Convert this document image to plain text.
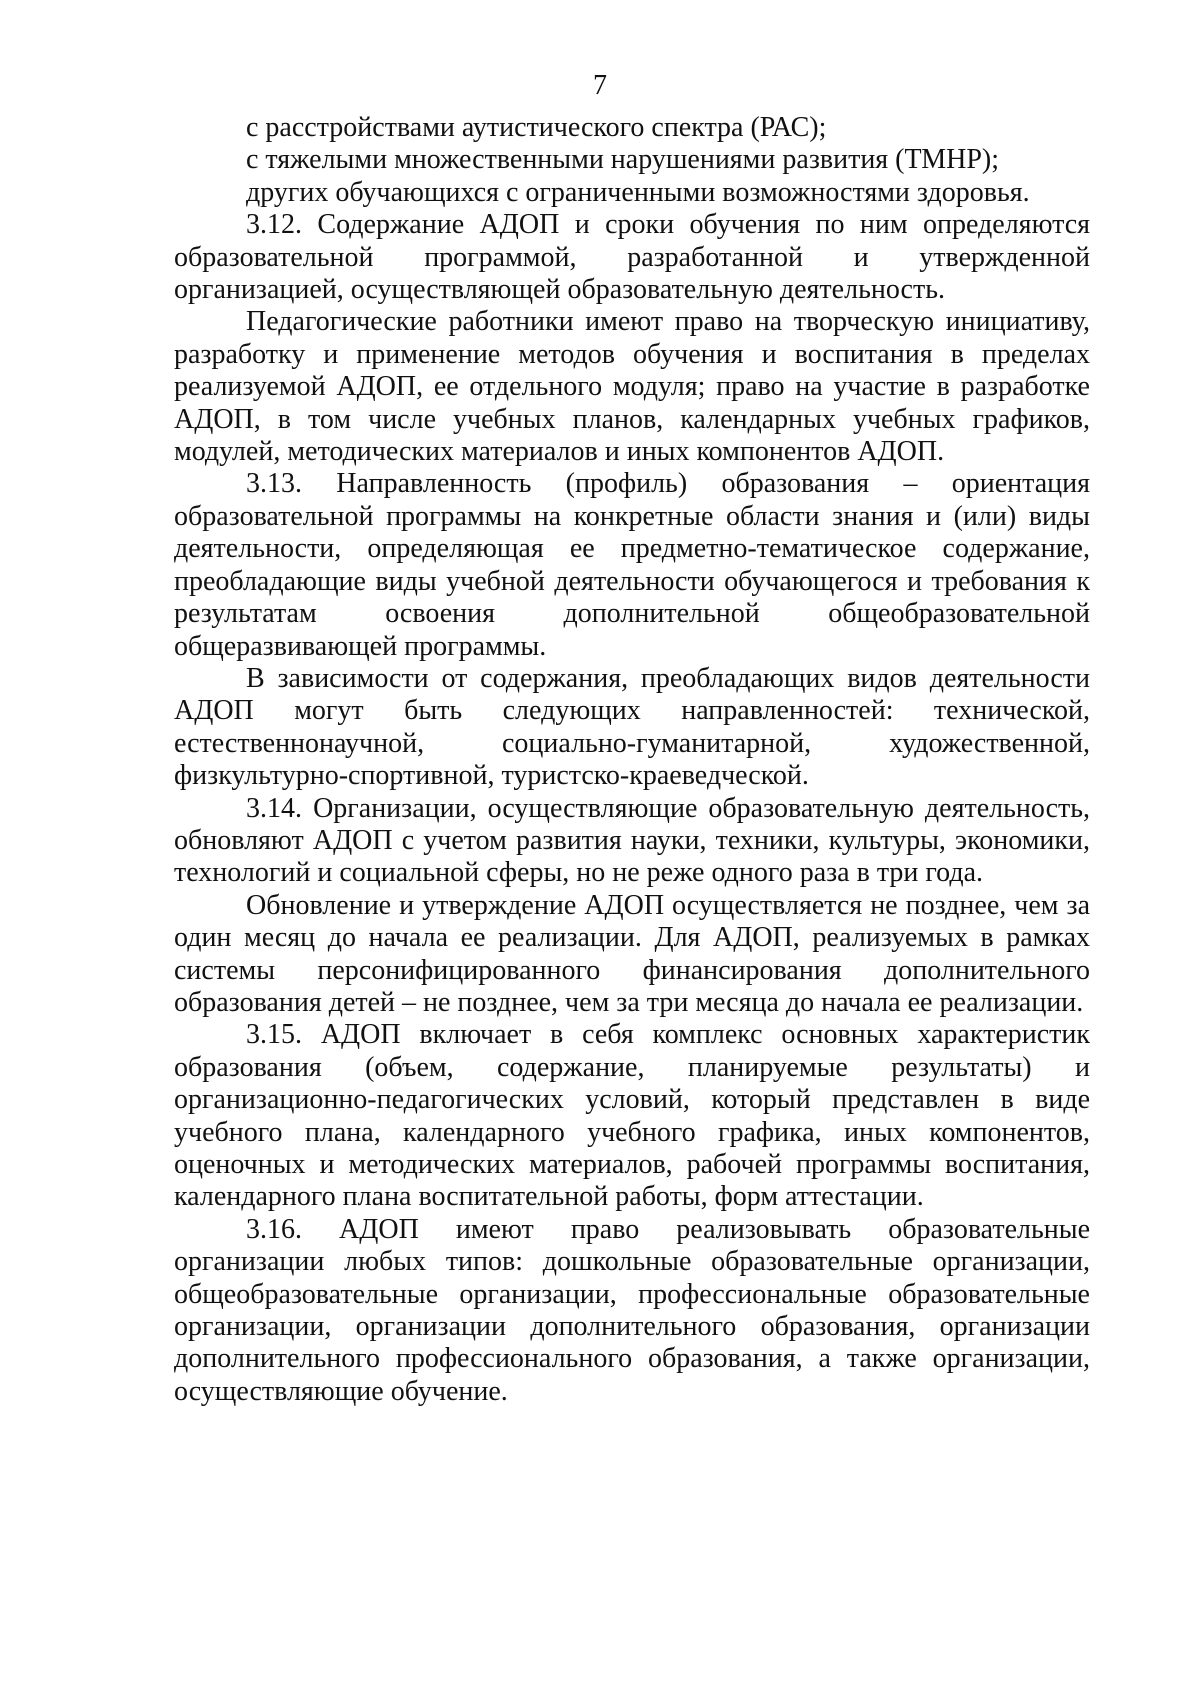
7

с расстройствами аутистического спектра (РАС);

с тяжелыми множественными нарушениями развития (ТМНР);

других обучающихся с ограниченными возможностями здоровья.

3.12. Содержание АДОП и сроки обучения по ним определяются образовательной программой, разработанной и утвержденной организацией, осуществляющей образовательную деятельность.

Педагогические работники имеют право на творческую инициативу, разработку и применение методов обучения и воспитания в пределах реализуемой АДОП, ее отдельного модуля; право на участие в разработке АДОП, в том числе учебных планов, календарных учебных графиков, модулей, методических материалов и иных компонентов АДОП.

3.13. Направленность (профиль) образования – ориентация образовательной программы на конкретные области знания и (или) виды деятельности, определяющая ее предметно-тематическое содержание, преобладающие виды учебной деятельности обучающегося и требования к результатам освоения дополнительной общеобразовательной общеразвивающей программы.

В зависимости от содержания, преобладающих видов деятельности АДОП могут быть следующих направленностей: технической, естественнонаучной, социально-гуманитарной, художественной, физкультурно-спортивной, туристско-краеведческой.

3.14. Организации, осуществляющие образовательную деятельность, обновляют АДОП с учетом развития науки, техники, культуры, экономики, технологий и социальной сферы, но не реже одного раза в три года.

Обновление и утверждение АДОП осуществляется не позднее, чем за один месяц до начала ее реализации. Для АДОП, реализуемых в рамках системы персонифицированного финансирования дополнительного образования детей – не позднее, чем за три месяца до начала ее реализации.

3.15. АДОП включает в себя комплекс основных характеристик образования (объем, содержание, планируемые результаты) и организационно-педагогических условий, который представлен в виде учебного плана, календарного учебного графика, иных компонентов, оценочных и методических материалов, рабочей программы воспитания, календарного плана воспитательной работы, форм аттестации.

3.16. АДОП имеют право реализовывать образовательные организации любых типов: дошкольные образовательные организации, общеобразовательные организации, профессиональные образовательные организации, организации дополнительного образования, организации дополнительного профессионального образования, а также организации, осуществляющие обучение.
